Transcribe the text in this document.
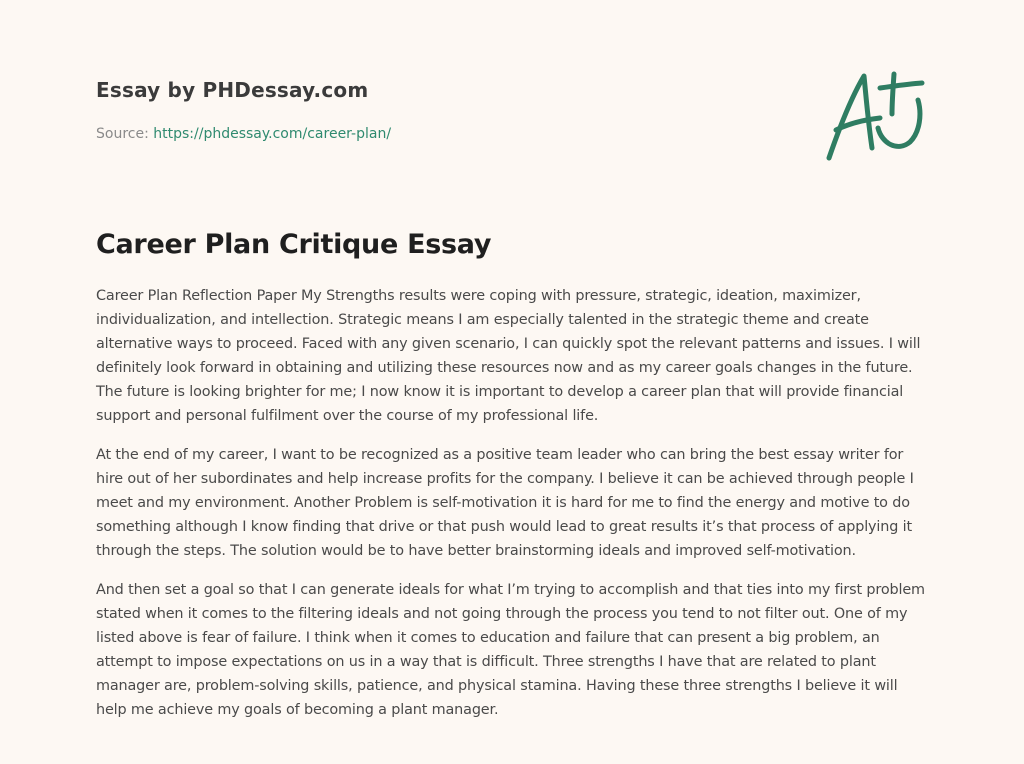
Essay by PHDessay.com
Source: https://phdessay.com/career-plan/
Career Plan Critique Essay

Career Plan Reflection Paper My Strengths results were coping with pressure, strategic, ideation, maximizer, individualization, and intellection. Strategic means I am especially talented in the strategic theme and create alternative ways to proceed. Faced with any given scenario, I can quickly spot the relevant patterns and issues. I will definitely look forward in obtaining and utilizing these resources now and as my career goals changes in the future. The future is looking brighter for me; I now know it is important to develop a career plan that will provide financial support and personal fulfilment over the course of my professional life.

At the end of my career, I want to be recognized as a positive team leader who can bring the best essay writer for hire out of her subordinates and help increase profits for the company. I believe it can be achieved through people I meet and my environment. Another Problem is self-motivation it is hard for me to find the energy and motive to do something although I know finding that drive or that push would lead to great results it’s that process of applying it through the steps. The solution would be to have better brainstorming ideals and improved self-motivation.

And then set a goal so that I can generate ideals for what I’m trying to accomplish and that ties into my first problem stated when it comes to the filtering ideals and not going through the process you tend to not filter out. One of my listed above is fear of failure. I think when it comes to education and failure that can present a big problem, an attempt to impose expectations on us in a way that is difficult. Three strengths I have that are related to plant manager are, problem-solving skills, patience, and physical stamina. Having these three strengths I believe it will help me achieve my goals of becoming a plant manager.
